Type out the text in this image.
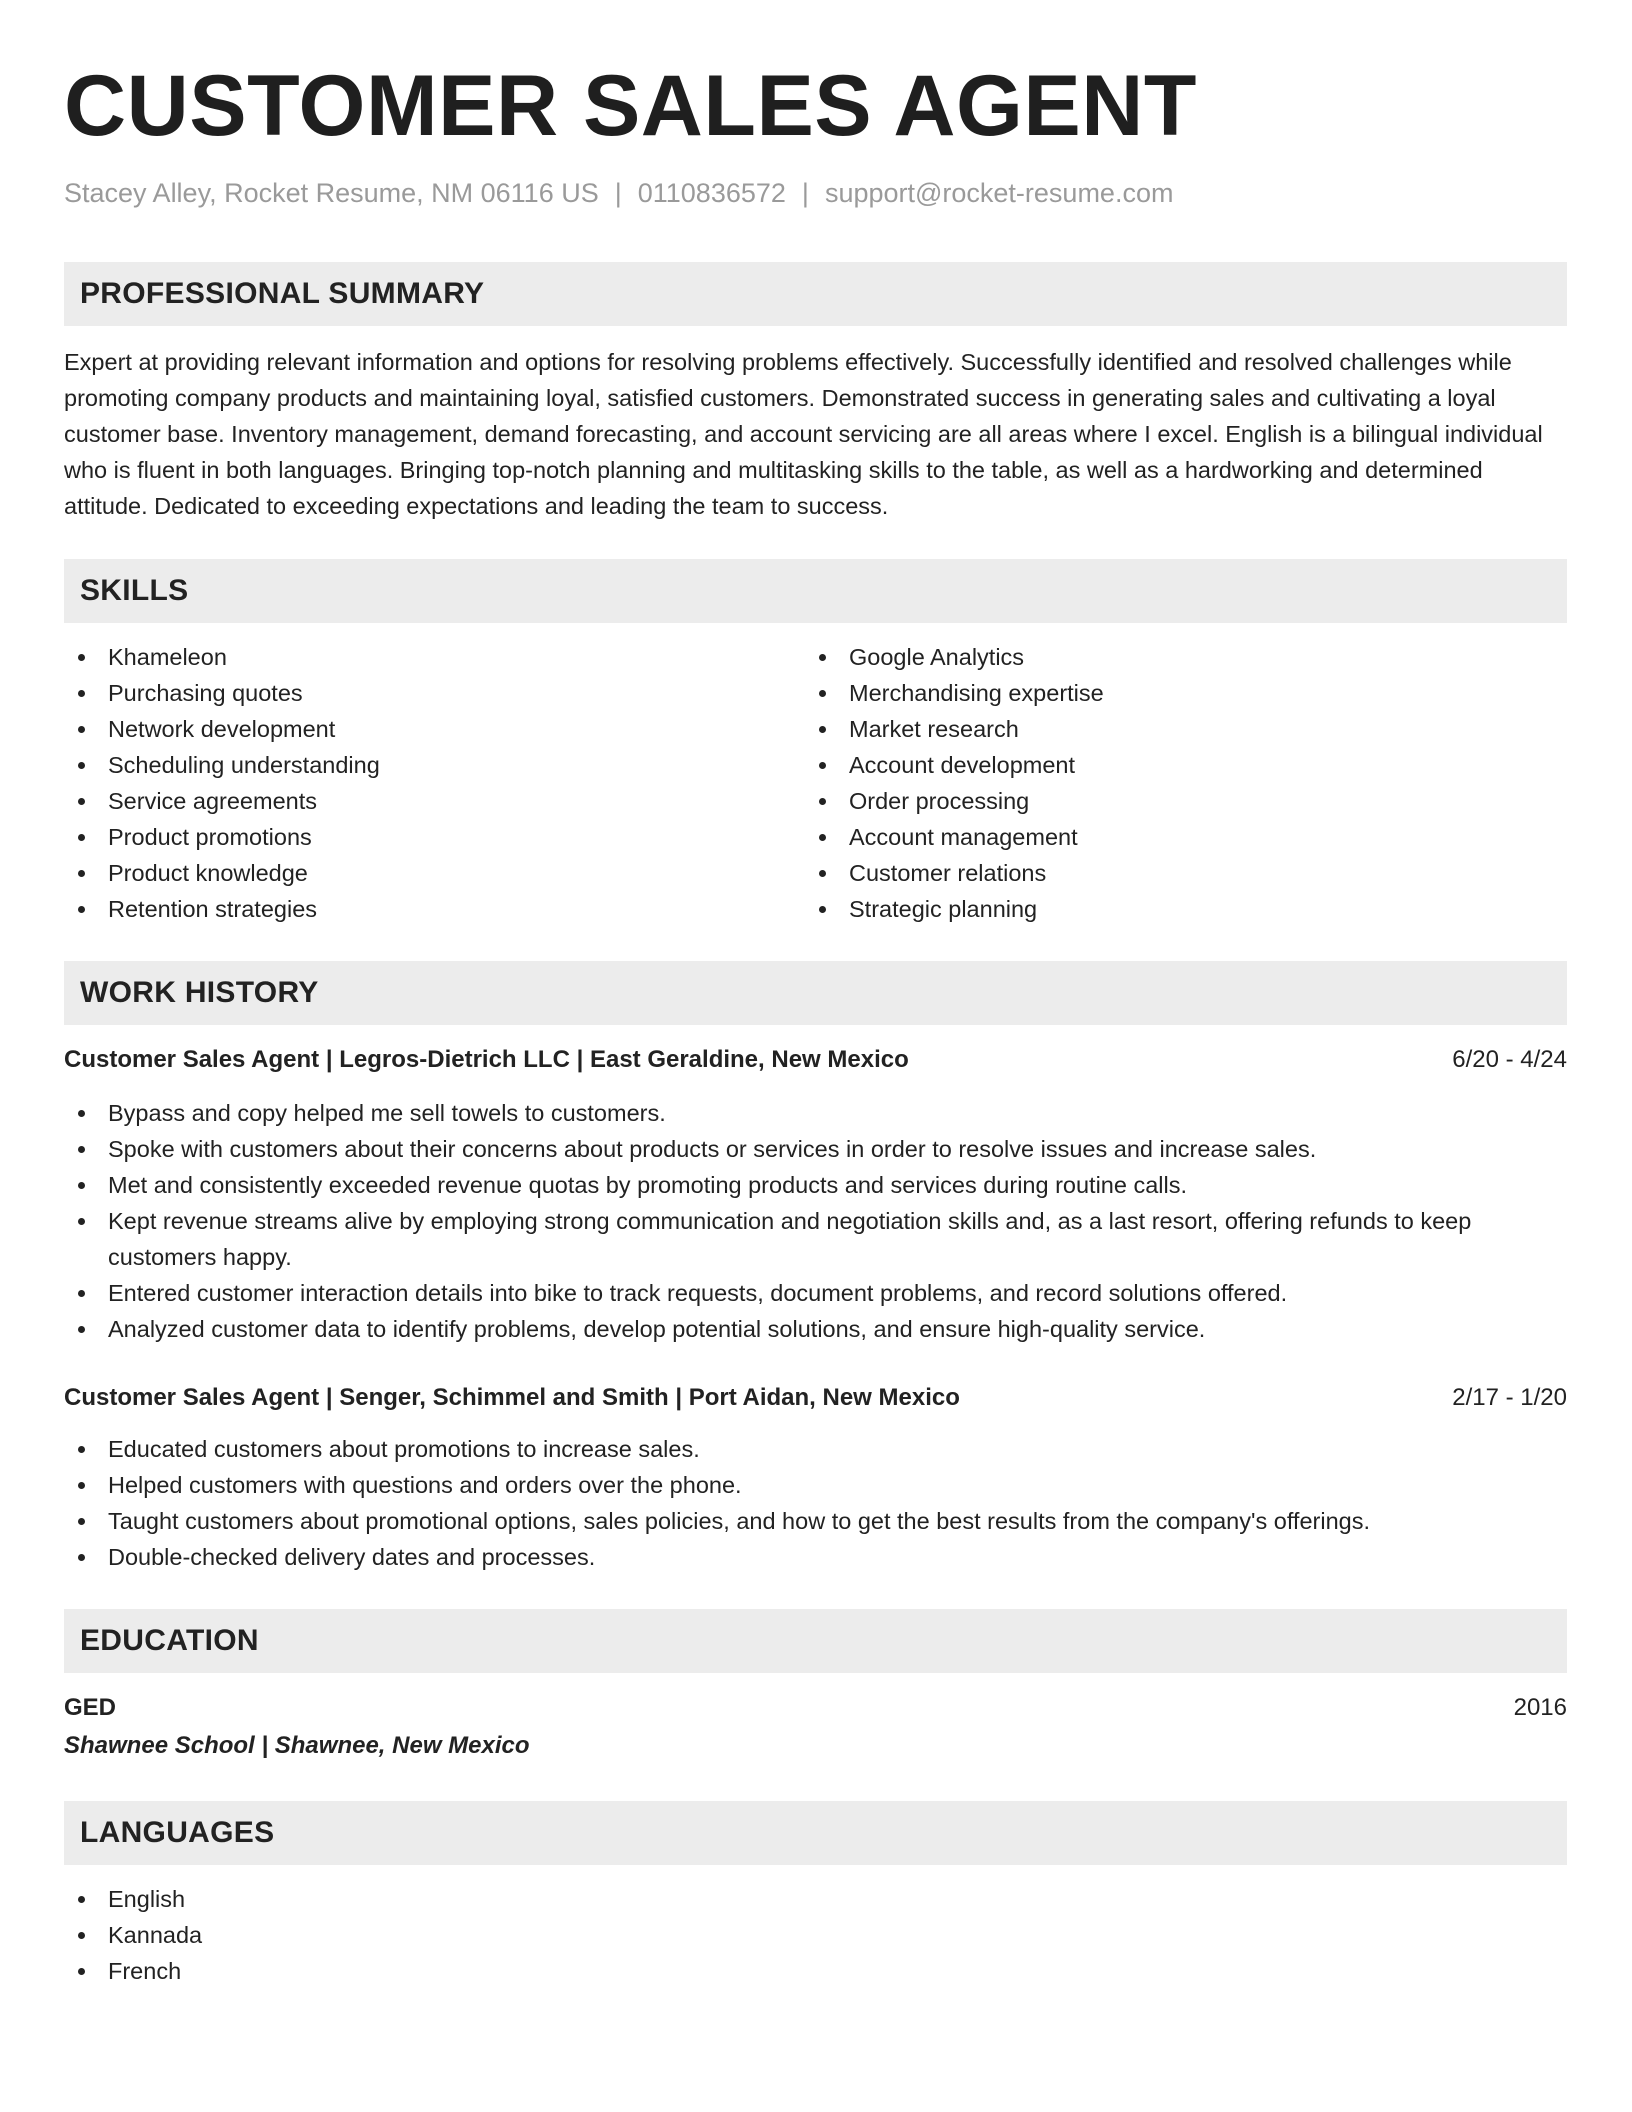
CUSTOMER SALES AGENT
Stacey Alley, Rocket Resume, NM 06116 US | 0110836572 | support@rocket-resume.com
PROFESSIONAL SUMMARY

Expert at providing relevant information and options for resolving problems effectively. Successfully identified and resolved challenges while promoting company products and maintaining loyal, satisfied customers. Demonstrated success in generating sales and cultivating a loyal customer base. Inventory management, demand forecasting, and account servicing are all areas where I excel. English is a bilingual individual who is fluent in both languages. Bringing top-notch planning and multitasking skills to the table, as well as a hardworking and determined attitude. Dedicated to exceeding expectations and leading the team to success.

SKILLS
Khameleon
Purchasing quotes
Network development
Scheduling understanding
Service agreements
Product promotions
Product knowledge
Retention strategies
Google Analytics
Merchandising expertise
Market research
Account development
Order processing
Account management
Customer relations
Strategic planning
WORK HISTORY
Customer Sales Agent | Legros-Dietrich LLC | East Geraldine, New Mexico	6/20 - 4/24
Bypass and copy helped me sell towels to customers.
Spoke with customers about their concerns about products or services in order to resolve issues and increase sales.
Met and consistently exceeded revenue quotas by promoting products and services during routine calls.
Kept revenue streams alive by employing strong communication and negotiation skills and, as a last resort, offering refunds to keep customers happy.
Entered customer interaction details into bike to track requests, document problems, and record solutions offered.
Analyzed customer data to identify problems, develop potential solutions, and ensure high-quality service.
Customer Sales Agent | Senger, Schimmel and Smith | Port Aidan, New Mexico	2/17 - 1/20
Educated customers about promotions to increase sales.
Helped customers with questions and orders over the phone.
Taught customers about promotional options, sales policies, and how to get the best results from the company's offerings.
Double-checked delivery dates and processes.
EDUCATION
GED	2016
Shawnee School | Shawnee, New Mexico
LANGUAGES
English
Kannada
French
